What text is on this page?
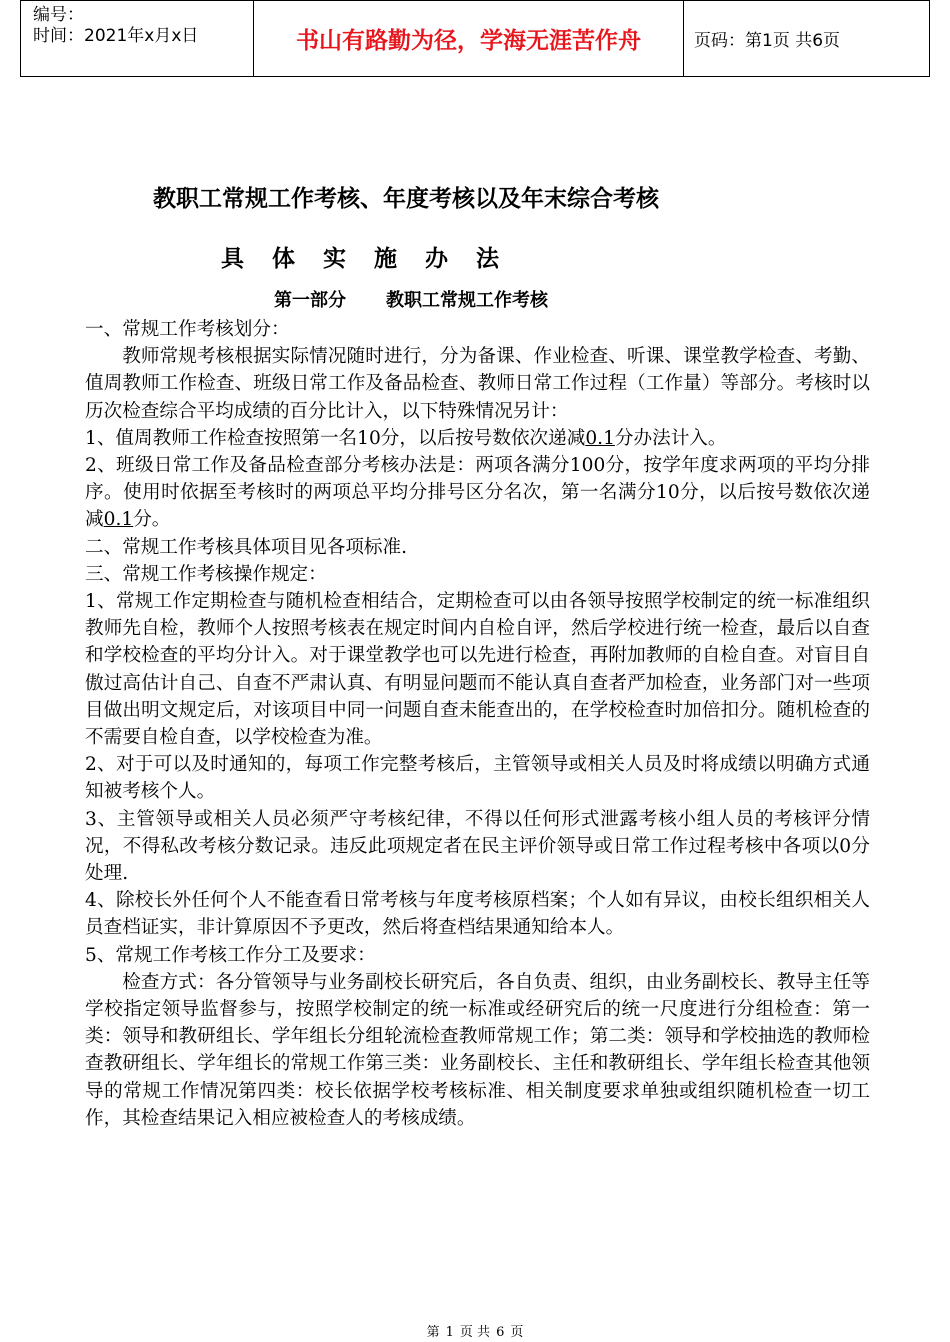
编号：
时间：2021年x月x日	书山有路勤为径，学海无涯苦作舟	页码：第1页 共6页
教职工常规工作考核、年度考核以及年末综合考核
具体实施办法
第一部分 教职工常规工作考核

一、常规工作考核划分：

教师常规考核根据实际情况随时进行，分为备课、作业检查、听课、课堂教学检查、考勤、值周教师工作检查、班级日常工作及备品检查、教师日常工作过程（工作量）等部分。考核时以历次检查综合平均成绩的百分比计入，以下特殊情况另计：

1、值周教师工作检查按照第一名10分，以后按号数依次递减0.1分办法计入。

2、班级日常工作及备品检查部分考核办法是：两项各满分100分，按学年度求两项的平均分排序。使用时依据至考核时的两项总平均分排号区分名次，第一名满分10分，以后按号数依次递减0.1分。

二、常规工作考核具体项目见各项标准.

三、常规工作考核操作规定：

1、常规工作定期检查与随机检查相结合，定期检查可以由各领导按照学校制定的统一标准组织教师先自检，教师个人按照考核表在规定时间内自检自评，然后学校进行统一检查，最后以自查和学校检查的平均分计入。对于课堂教学也可以先进行检查，再附加教师的自检自查。对盲目自傲过高估计自己、自查不严肃认真、有明显问题而不能认真自查者严加检查，业务部门对一些项目做出明文规定后，对该项目中同一问题自查未能查出的，在学校检查时加倍扣分。随机检查的不需要自检自查，以学校检查为准。

2、对于可以及时通知的，每项工作完整考核后，主管领导或相关人员及时将成绩以明确方式通知被考核个人。

3、主管领导或相关人员必须严守考核纪律，不得以任何形式泄露考核小组人员的考核评分情况，不得私改考核分数记录。违反此项规定者在民主评价领导或日常工作过程考核中各项以0分处理.

4、除校长外任何个人不能查看日常考核与年度考核原档案；个人如有异议，由校长组织相关人员查档证实，非计算原因不予更改，然后将查档结果通知给本人。

5、常规工作考核工作分工及要求：

检查方式：各分管领导与业务副校长研究后，各自负责、组织，由业务副校长、教导主任等学校指定领导监督参与，按照学校制定的统一标准或经研究后的统一尺度进行分组检查：第一类：领导和教研组长、学年组长分组轮流检查教师常规工作；第二类：领导和学校抽选的教师检查教研组长、学年组长的常规工作第三类：业务副校长、主任和教研组长、学年组长检查其他领导的常规工作情况第四类：校长依据学校考核标准、相关制度要求单独或组织随机检查一切工作，其检查结果记入相应被检查人的考核成绩。

第 1 页 共 6 页
